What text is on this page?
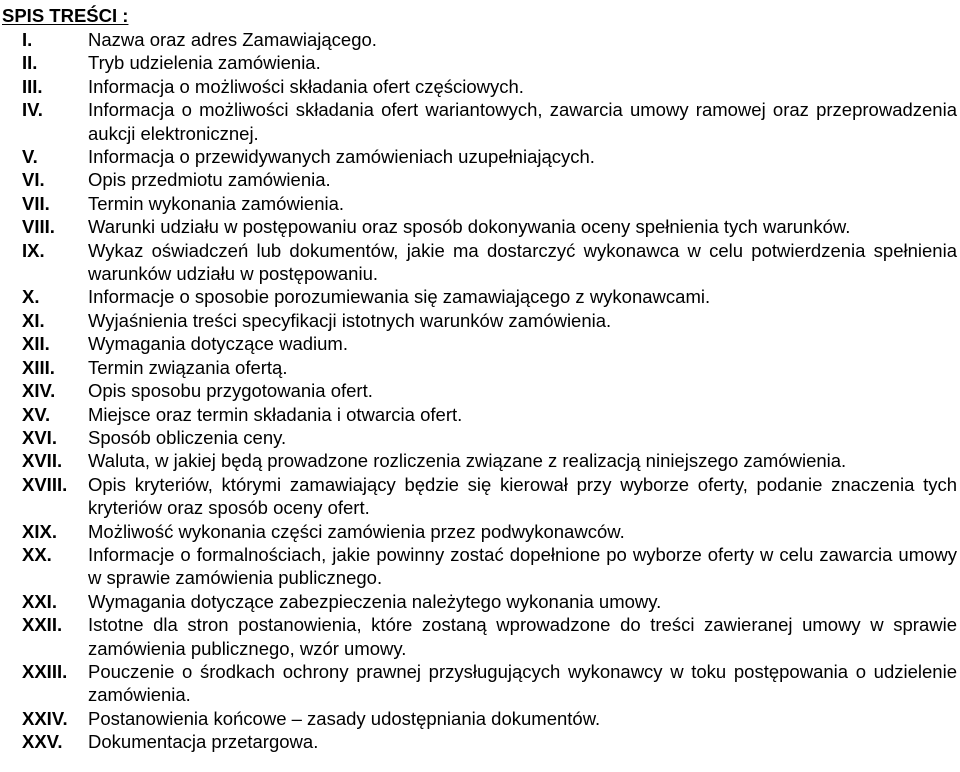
SPIS TREŚCI :
I.	Nazwa oraz adres Zamawiającego.
II.	Tryb udzielenia zamówienia.
III.	Informacja o możliwości składania ofert częściowych.
IV.	Informacja o możliwości składania ofert wariantowych, zawarcia umowy ramowej oraz przeprowadzenia aukcji elektronicznej.
V.	Informacja o przewidywanych zamówieniach uzupełniających.
VI.	Opis przedmiotu zamówienia.
VII.	Termin wykonania zamówienia.
VIII.	Warunki udziału w postępowaniu oraz sposób dokonywania oceny spełnienia tych warunków.
IX.	Wykaz oświadczeń lub dokumentów, jakie ma dostarczyć wykonawca w celu potwierdzenia spełnienia warunków udziału w postępowaniu.
X.	Informacje o sposobie porozumiewania się zamawiającego z wykonawcami.
XI.	Wyjaśnienia treści specyfikacji istotnych warunków zamówienia.
XII.	Wymagania dotyczące wadium.
XIII.	Termin związania ofertą.
XIV.	Opis sposobu przygotowania ofert.
XV.	Miejsce oraz termin składania i otwarcia ofert.
XVI.	Sposób obliczenia ceny.
XVII.	Waluta, w jakiej będą prowadzone rozliczenia związane z realizacją niniejszego zamówienia.
XVIII.	Opis kryteriów, którymi zamawiający będzie się kierował przy wyborze oferty, podanie znaczenia tych kryteriów oraz sposób oceny ofert.
XIX.	Możliwość wykonania części zamówienia przez podwykonawców.
XX.	Informacje o formalnościach, jakie powinny zostać dopełnione po wyborze oferty w celu zawarcia umowy w sprawie zamówienia publicznego.
XXI.	Wymagania dotyczące zabezpieczenia należytego wykonania umowy.
XXII.	Istotne dla stron postanowienia, które zostaną wprowadzone do treści zawieranej umowy w sprawie zamówienia publicznego, wzór umowy.
XXIII.	Pouczenie o środkach ochrony prawnej przysługujących wykonawcy w toku postępowania o udzielenie zamówienia.
XXIV.	Postanowienia końcowe – zasady udostępniania dokumentów.
XXV.	Dokumentacja przetargowa.
